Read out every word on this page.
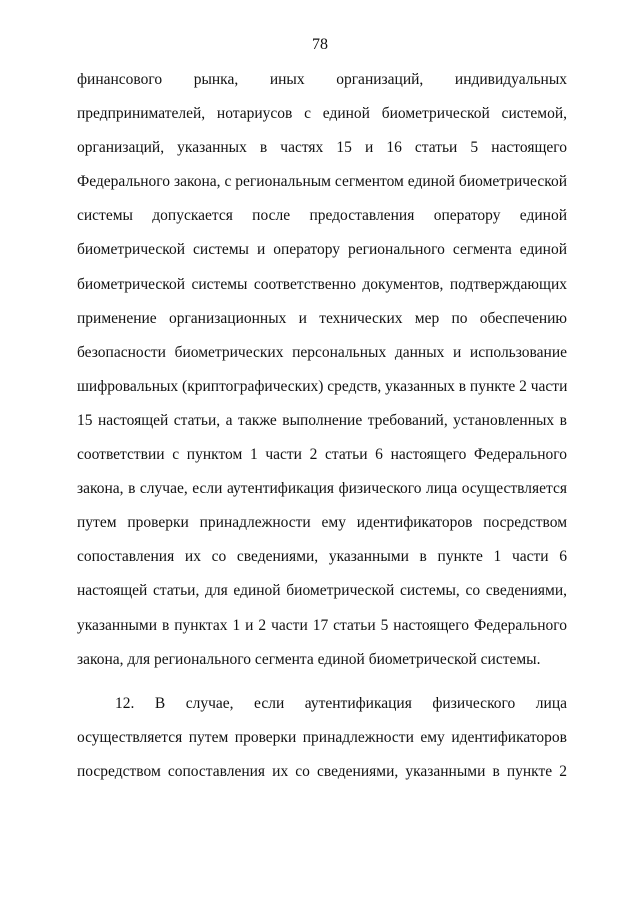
78
финансового рынка, иных организаций, индивидуальных
предпринимателей, нотариусов с единой биометрической системой,
организаций, указанных в частях 15 и 16 статьи 5 настоящего
Федерального закона, с региональным сегментом единой биометрической
системы допускается после предоставления оператору единой
биометрической системы и оператору регионального сегмента единой
биометрической системы соответственно документов, подтверждающих
применение организационных и технических мер по обеспечению
безопасности биометрических персональных данных и использование
шифровальных (криптографических) средств, указанных в пункте 2 части
15 настоящей статьи, а также выполнение требований, установленных в
соответствии с пунктом 1 части 2 статьи 6 настоящего Федерального
закона, в случае, если аутентификация физического лица осуществляется
путем проверки принадлежности ему идентификаторов посредством
сопоставления их со сведениями, указанными в пункте 1 части 6
настоящей статьи, для единой биометрической системы, со сведениями,
указанными в пунктах 1 и 2 части 17 статьи 5 настоящего Федерального
закона, для регионального сегмента единой биометрической системы.
12. В случае, если аутентификация физического лица
осуществляется путем проверки принадлежности ему идентификаторов
посредством сопоставления их со сведениями, указанными в пункте 2
